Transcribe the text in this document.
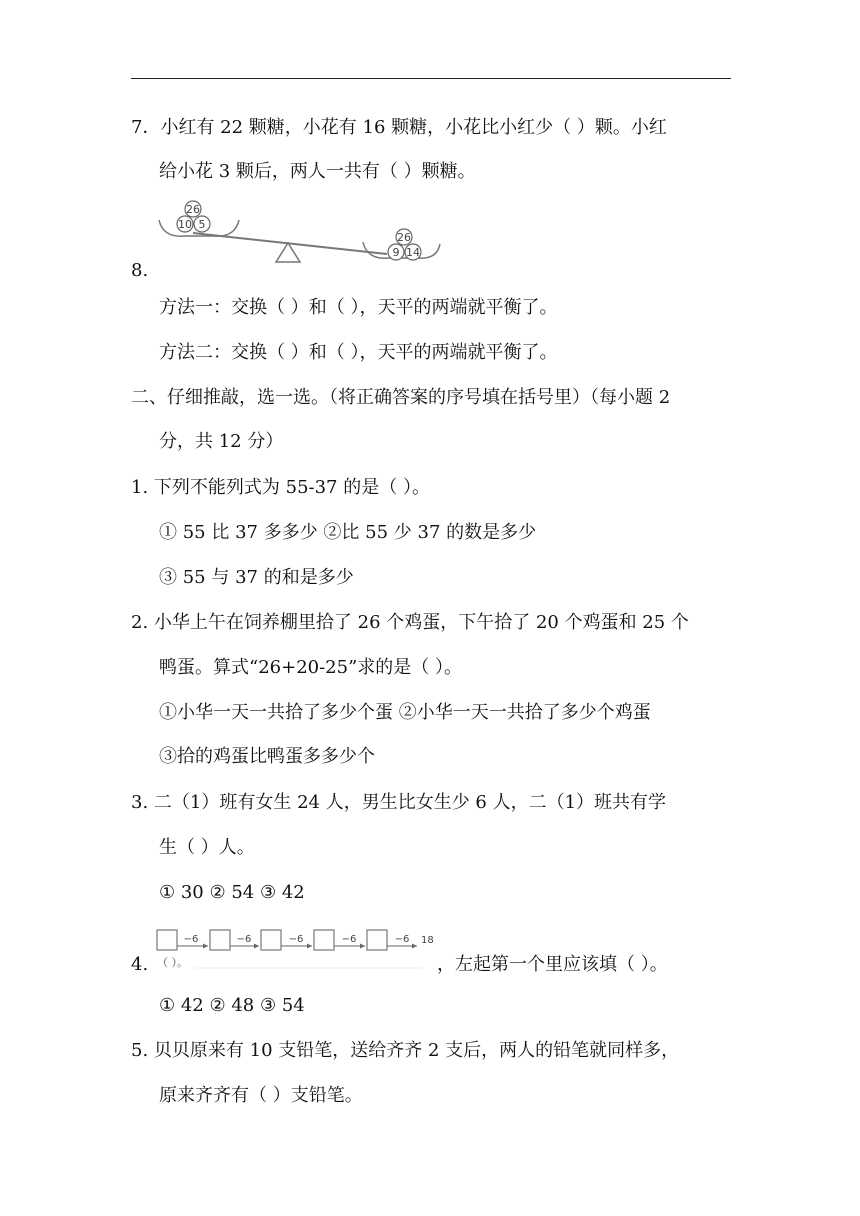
7．小红有 22 颗糖，小花有 16 颗糖，小花比小红少（ ）颗。小红
给小花 3 颗后，两人一共有（ ）颗糖。
26
10 5
26
9 14
8.
方法一：交换（ ）和（ ），天平的两端就平衡了。
方法二：交换（ ）和（ ），天平的两端就平衡了。
二、仔细推敲，选一选。（将正确答案的序号填在括号里）（每小题 2
分，共 12 分）
1. 下列不能列式为 55-37 的是（ ）。
① 55 比 37 多多少 ②比 55 少 37 的数是多少
③ 55 与 37 的和是多少
2. 小华上午在饲养棚里拾了 26 个鸡蛋，下午拾了 20 个鸡蛋和 25 个
鸭蛋。算式“26+20-25”求的是（ ）。
①小华一天一共拾了多少个蛋 ②小华一天一共拾了多少个鸡蛋
③拾的鸡蛋比鸭蛋多多少个
3. 二（1）班有女生 24 人，男生比女生少 6 人，二（1）班共有学
生（ ）人。
① 30 ② 54 ③ 42
−6	−6	−6	−6	−6 18
（ ）。
4.	，左起第一个里应该填（ ）。
① 42 ② 48 ③ 54
5. 贝贝原来有 10 支铅笔，送给齐齐 2 支后，两人的铅笔就同样多，
原来齐齐有（ ）支铅笔。
